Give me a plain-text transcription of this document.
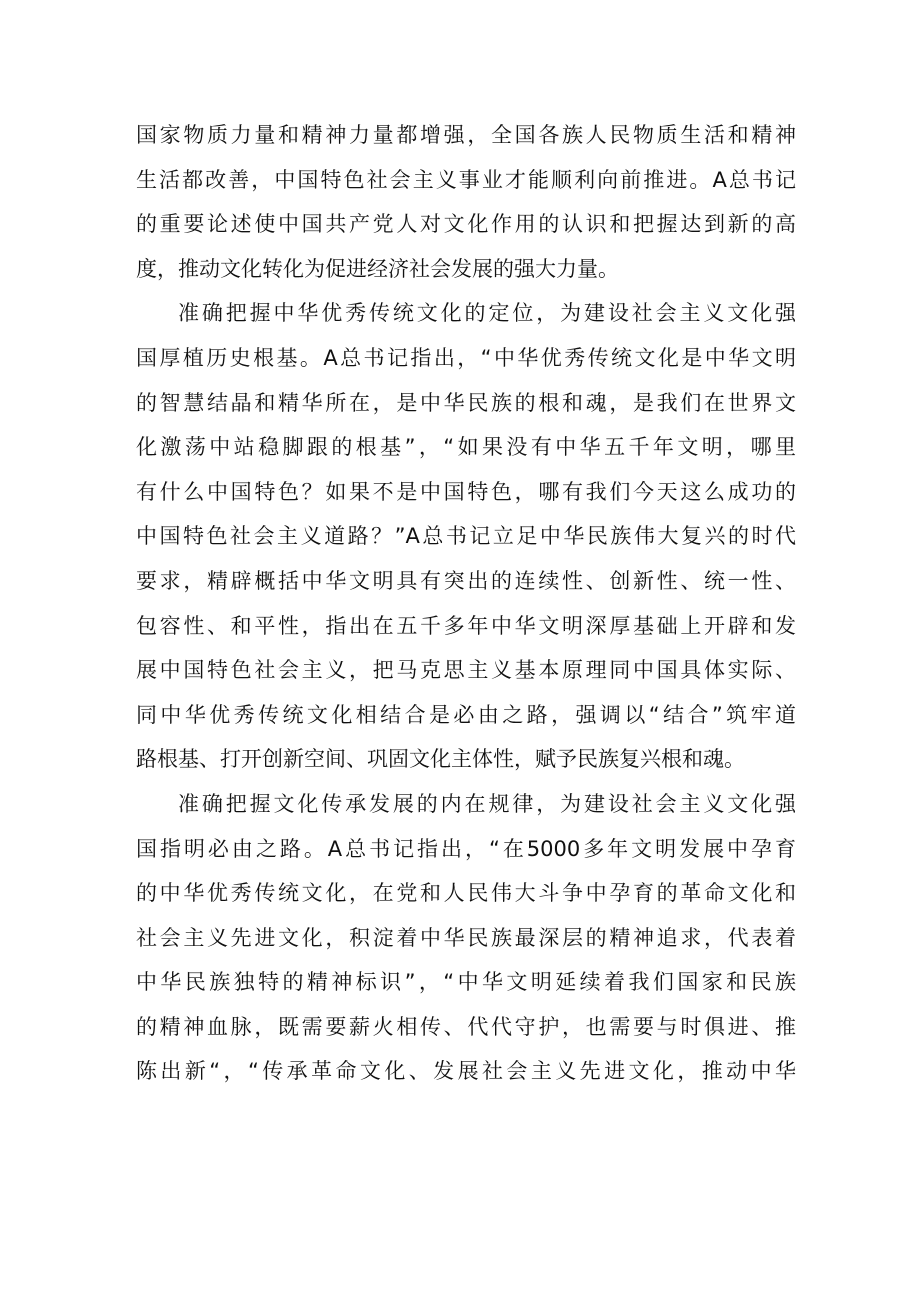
国家物质力量和精神力量都增强，全国各族人民物质生活和精神
生活都改善，中国特色社会主义事业才能顺利向前推进。A总书记
的重要论述使中国共产党人对文化作用的认识和把握达到新的高
度，推动文化转化为促进经济社会发展的强大力量。
准确把握中华优秀传统文化的定位，为建设社会主义文化强
国厚植历史根基。A总书记指出，“中华优秀传统文化是中华文明
的智慧结晶和精华所在，是中华民族的根和魂，是我们在世界文
化激荡中站稳脚跟的根基”，“如果没有中华五千年文明，哪里
有什么中国特色？如果不是中国特色，哪有我们今天这么成功的
中国特色社会主义道路？”A总书记立足中华民族伟大复兴的时代
要求，精辟概括中华文明具有突出的连续性、创新性、统一性、
包容性、和平性，指出在五千多年中华文明深厚基础上开辟和发
展中国特色社会主义，把马克思主义基本原理同中国具体实际、
同中华优秀传统文化相结合是必由之路，强调以“结合”筑牢道
路根基、打开创新空间、巩固文化主体性，赋予民族复兴根和魂。
准确把握文化传承发展的内在规律，为建设社会主义文化强
国指明必由之路。A总书记指出，“在5000多年文明发展中孕育
的中华优秀传统文化，在党和人民伟大斗争中孕育的革命文化和
社会主义先进文化，积淀着中华民族最深层的精神追求，代表着
中华民族独特的精神标识”，“中华文明延续着我们国家和民族
的精神血脉，既需要薪火相传、代代守护，也需要与时俱进、推
陈出新“，“传承革命文化、发展社会主义先进文化，推动中华
